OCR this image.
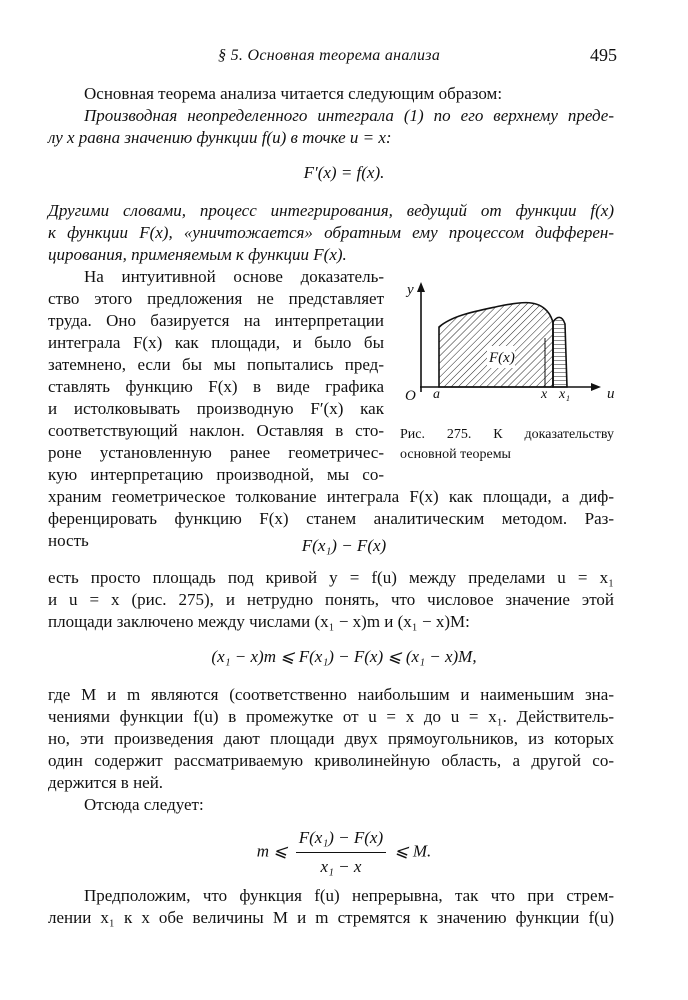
§ 5. Основная теорема анализа	495
Основная теорема анализа читается следующим образом:
Производная неопределенного интеграла (1) по его верхнему преде-
лу x равна значению функции f(u) в точке u = x:
F′(x) = f(x).
Другими словами, процесс интегрирования, ведущий от функции f(x)
к функции F(x), «уничтожается» обратным ему процессом дифферен-
цирования, применяемым к функции F(x).
На интуитивной основе доказатель-
ство этого предложения не представляет
труда. Оно базируется на интерпретации
интеграла F(x) как площади, и было бы
затемнено, если бы мы попытались пред-
ставлять функцию F(x) в виде графика
и истолковывать производную F′(x) как
соответствующий наклон. Оставляя в сто-
роне установленную ранее геометричес-
кую интерпретацию производной, мы со-
F(x)
y
O a	x x₁ u
Рис. 275. К доказательству
основной теоремы
храним геометрическое толкование интеграла F(x) как площади, а диф-
ференцировать функцию F(x) станем аналитическим методом. Раз-
ность	F(x₁) − F(x)
есть просто площадь под кривой y = f(u) между пределами u = x₁
и u = x (рис. 275), и нетрудно понять, что числовое значение этой
площади заключено между числами (x₁ − x)m и (x₁ − x)M:
(x₁ − x)m ⩽ F(x₁) − F(x) ⩽ (x₁ − x)M,
где M и m являются (соответственно наибольшим и наименьшим зна-
чениями функции f(u) в промежутке от u = x до u = x₁. Действитель-
но, эти произведения дают площади двух прямоугольников, из которых
один содержит рассматриваемую криволинейную область, а другой со-
держится в ней.
Отсюда следует:
m ⩽ $\frac{\text{F(x₁) − F(x)}}{\text{x₁ − x}}$ ⩽ M.
Предположим, что функция f(u) непрерывна, так что при стрем-
лении x₁ к x обе величины M и m стремятся к значению функции f(u)
